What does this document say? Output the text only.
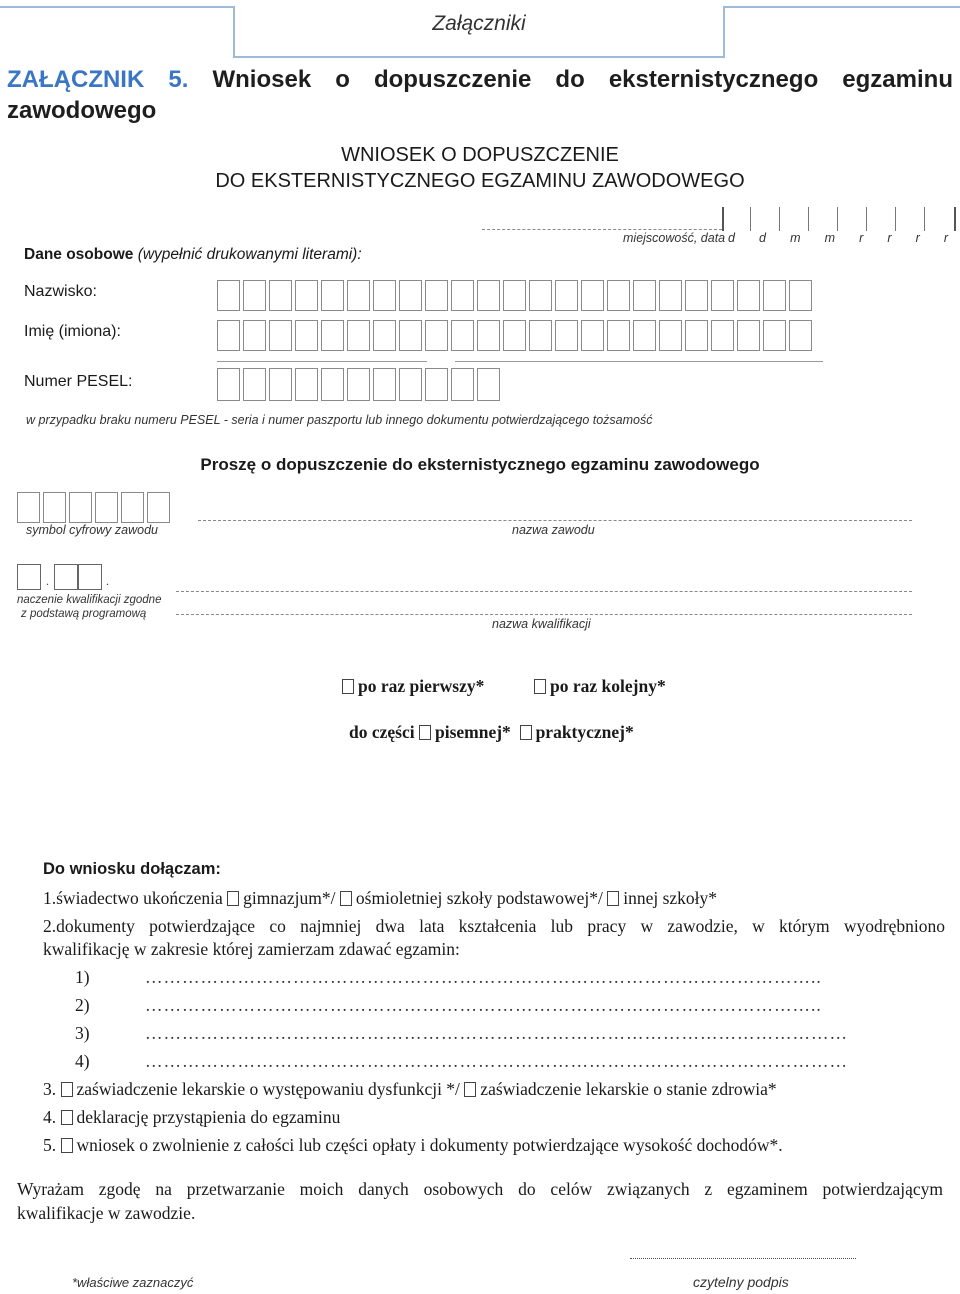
Załączniki
ZAŁĄCZNIK 5. Wniosek o dopuszczenie do eksternistycznego egzaminu
zawodowego
WNIOSEK O DOPUSZCZENIE
DO EKSTERNISTYCZNEGO EGZAMINU ZAWODOWEGO
miejscowość, data d d m m r r r r
Dane osobowe (wypełnić drukowanymi literami):
Nazwisko:
Imię (imiona):
Numer PESEL:
w przypadku braku numeru PESEL - seria i numer paszportu lub innego dokumentu potwierdzającego tożsamość
Proszę o dopuszczenie do eksternistycznego egzaminu zawodowego
symbol cyfrowy zawodu	nazwa zawodu
.	.
naczenie kwalifikacji zgodne
z podstawą programową
nazwa kwalifikacji
po raz pierwszy*	po raz kolejny*
do części pisemnej* praktycznej*
Do wniosku dołączam:
1.świadectwo ukończenia gimnazjum*/ ośmioletniej szkoły podstawowej*/ innej szkoły*
2.dokumenty potwierdzające co najmniej dwa lata kształcenia lub pracy w zawodzie, w którym wyodrębniono
kwalifikację w zakresie której zamierzam zdawać egzamin:
1)	………………………………………………………………………………………………..
2)	………………………………………………………………………………………………..
3)	……………………………………………………………………………………………………
4)	……………………………………………………………………………………………………
3. zaświadczenie lekarskie o występowaniu dysfunkcji */ zaświadczenie lekarskie o stanie zdrowia*
4. deklarację przystąpienia do egzaminu
5. wniosek o zwolnienie z całości lub części opłaty i dokumenty potwierdzające wysokość dochodów*.
Wyrażam zgodę na przetwarzanie moich danych osobowych do celów związanych z egzaminem potwierdzającym
kwalifikacje w zawodzie.
*właściwe zaznaczyć	czytelny podpis
